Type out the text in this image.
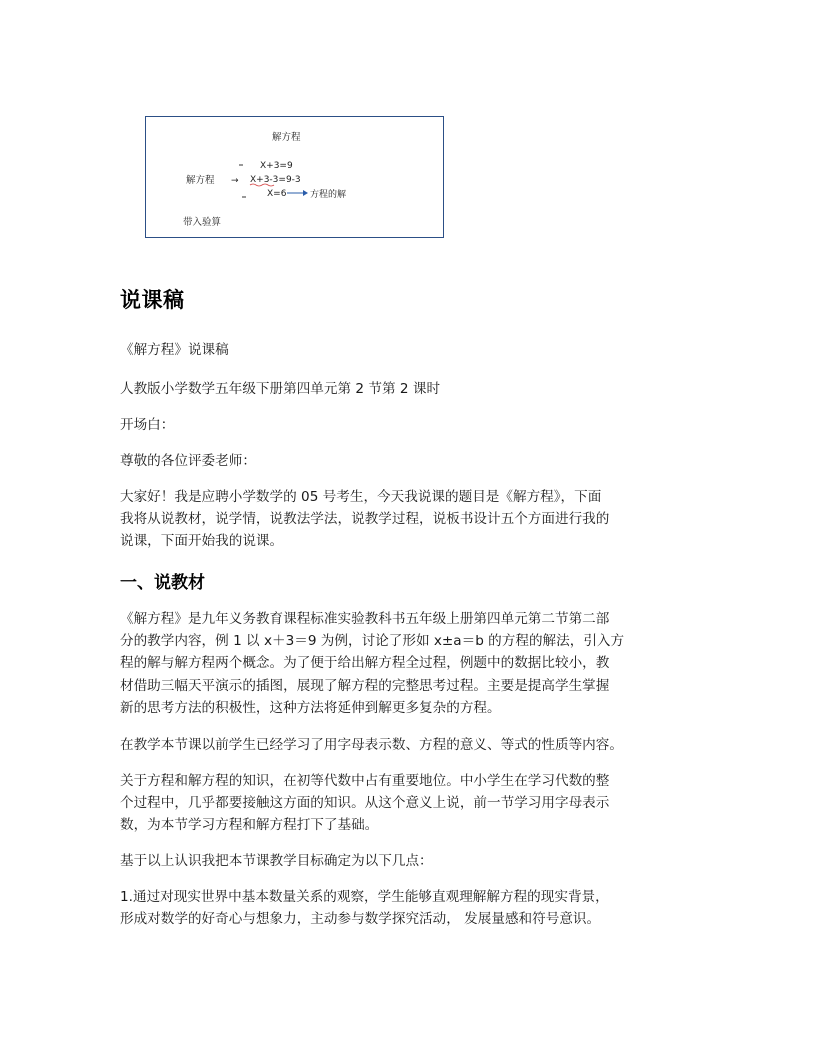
解方程
解方程 →
X+3=9
X+3-3=9-3
X=6	方程的解
带入验算
说课稿

《解方程》说课稿

人教版小学数学五年级下册第四单元第 2 节第 2 课时

开场白：

尊敬的各位评委老师：

大家好！我是应聘小学数学的 05 号考生，今天我说课的题目是《解方程》，下面
我将从说教材，说学情，说教法学法，说教学过程，说板书设计五个方面进行我的
说课，下面开始我的说课。
一、说教材
《解方程》是九年义务教育课程标准实验教科书五年级上册第四单元第二节第二部
分的教学内容，例 1 以 x＋3＝9 为例，讨论了形如 x±a＝b 的方程的解法，引入方
程的解与解方程两个概念。为了便于给出解方程全过程，例题中的数据比较小，教
材借助三幅天平演示的插图，展现了解方程的完整思考过程。主要是提高学生掌握
新的思考方法的积极性，这种方法将延伸到解更多复杂的方程。

在教学本节课以前学生已经学习了用字母表示数、方程的意义、等式的性质等内容。

关于方程和解方程的知识，在初等代数中占有重要地位。中小学生在学习代数的整
个过程中，几乎都要接触这方面的知识。从这个意义上说，前一节学习用字母表示
数，为本节学习方程和解方程打下了基础。

基于以上认识我把本节课教学目标确定为以下几点：

1.通过对现实世界中基本数量关系的观察，学生能够直观理解解方程的现实背景，
形成对数学的好奇心与想象力，主动参与数学探究活动， 发展量感和符号意识。
